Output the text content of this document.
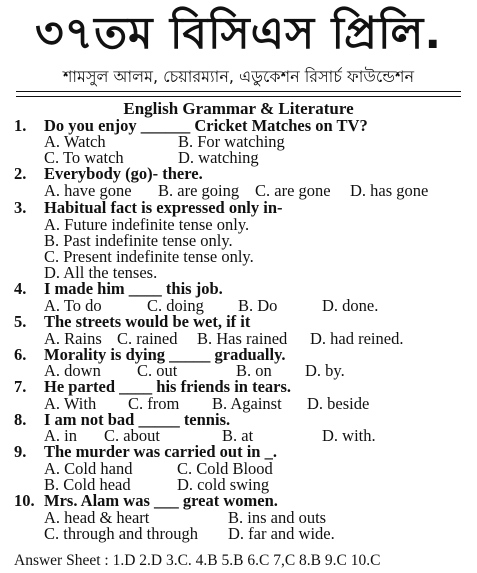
৩৭তম বিসিএস প্রিলি.
শামসুল আলম, চেয়ারম্যান, এডুকেশন রিসার্চ ফাউন্ডেশন
English Grammar & Literature
1. Do you enjoy ______ Cricket Matches on TV?
A. Watch	B. For watching
C. To watch	D. watching
2. Everybody (go)- there.
A. have gone B. are going C. are gone D. has gone
3. Habitual fact is expressed only in-
A. Future indefinite tense only.
B. Past indefinite tense only.
C. Present indefinite tense only.
D. All the tenses.
4. I made him ____ this job.
A. To do	C. doing B. Do	D. done.
5. The streets would be wet, if it
A. Rains C. rained B. Has rained D. had reined.
6. Morality is dying _____ gradually.
A. down C. out	B. on D. by.
7. He parted ____ his friends in tears.
A. With C. from B. Against D. beside
8. I am not bad _____ tennis.
A. in C. about	B. at	D. with.
9. The murder was carried out in _.
A. Cold hand	C. Cold Blood
B. Cold head	D. cold swing
10. Mrs. Alam was ___ great women.
A. head & heart	B. ins and outs
C. through and through D. far and wide.
Answer Sheet : 1.D 2.D 3.C. 4.B 5.B 6.C 7,C 8.B 9.C 10.C
